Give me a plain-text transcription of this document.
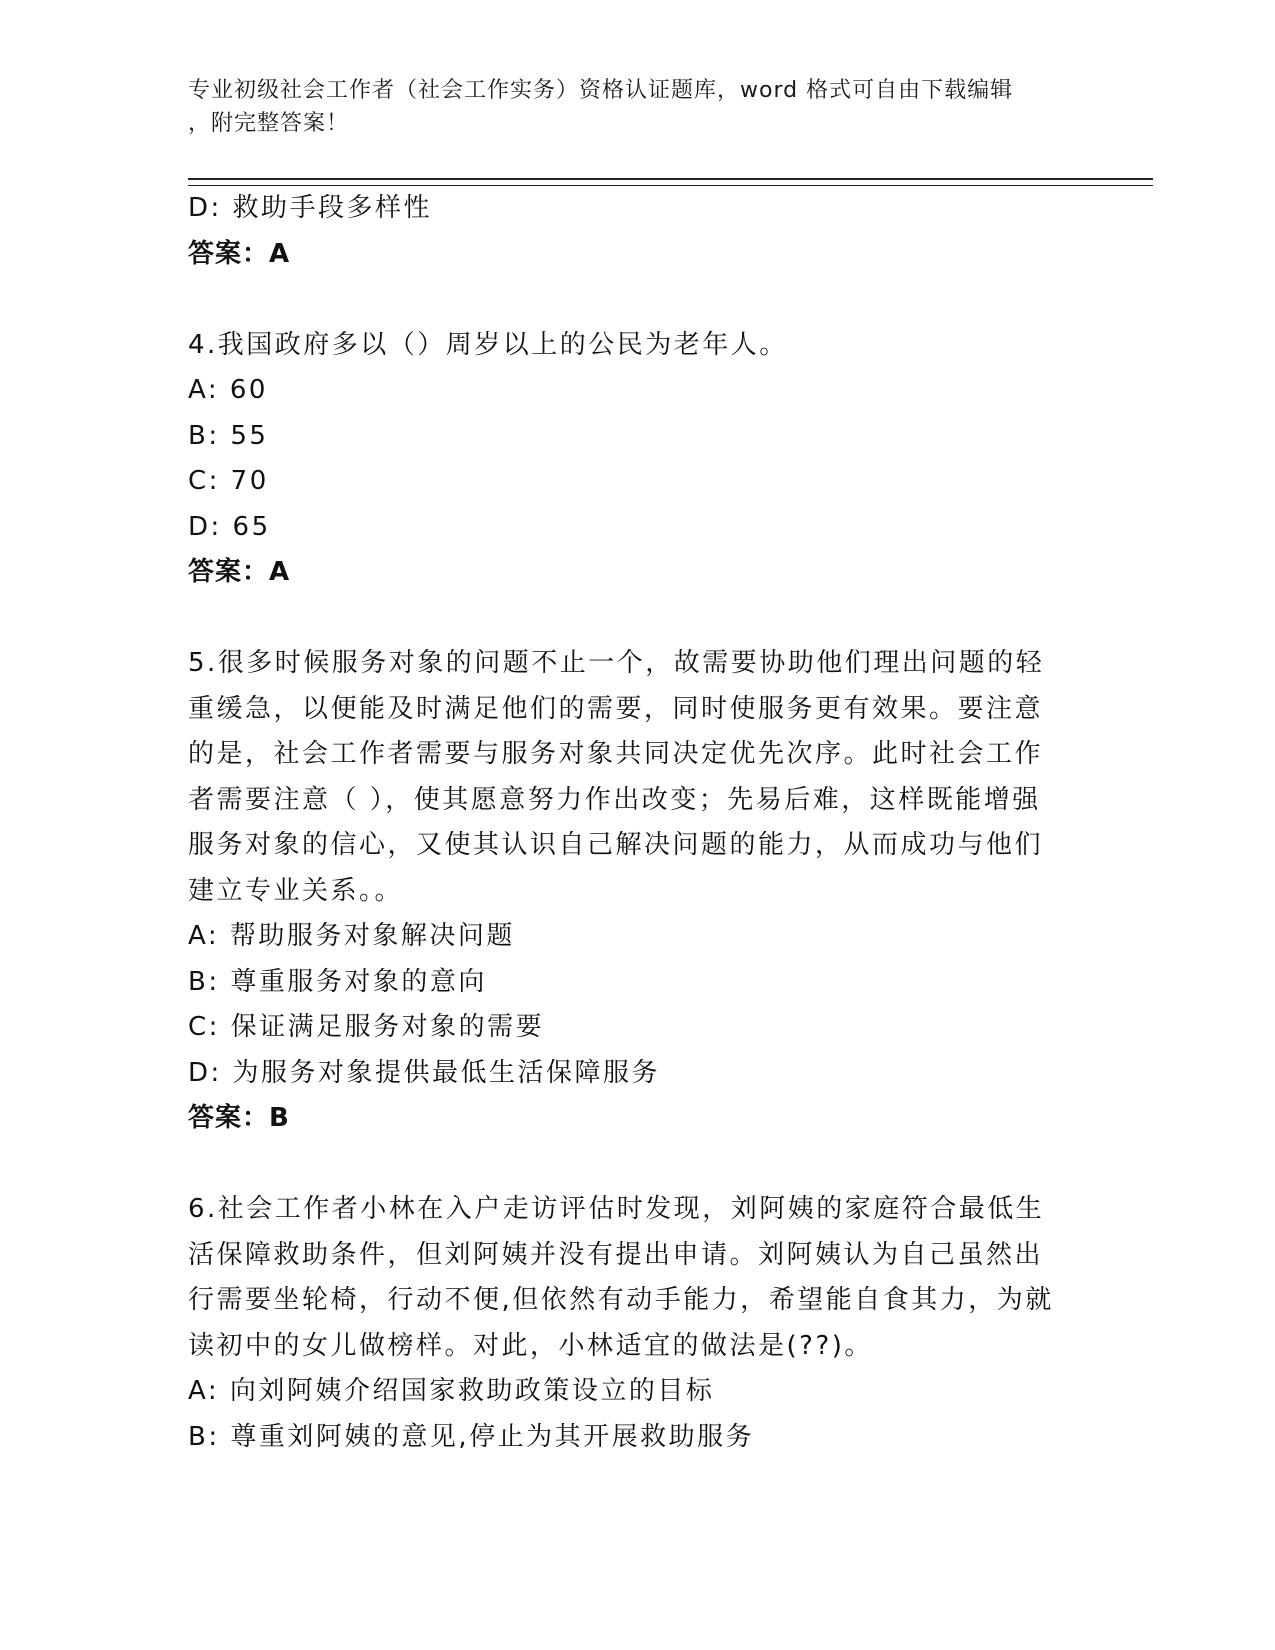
专业初级社会工作者（社会工作实务）资格认证题库，word 格式可自由下载编辑
，附完整答案！
D: 救助手段多样性
答案：A
4.我国政府多以（）周岁以上的公民为老年人。
A: 60
B: 55
C: 70
D: 65
答案：A
5.很多时候服务对象的问题不止一个，故需要协助他们理出问题的轻
重缓急，以便能及时满足他们的需要，同时使服务更有效果。要注意
的是，社会工作者需要与服务对象共同决定优先次序。此时社会工作
者需要注意（ ），使其愿意努力作出改变；先易后难，这样既能增强
服务对象的信心，又使其认识自己解决问题的能力，从而成功与他们
建立专业关系。。
A: 帮助服务对象解决问题
B: 尊重服务对象的意向
C: 保证满足服务对象的需要
D: 为服务对象提供最低生活保障服务
答案：B
6.社会工作者小林在入户走访评估时发现，刘阿姨的家庭符合最低生
活保障救助条件，但刘阿姨并没有提出申请。刘阿姨认为自己虽然出
行需要坐轮椅，行动不便,但依然有动手能力，希望能自食其力，为就
读初中的女儿做榜样。对此，小林适宜的做法是(??)。
A: 向刘阿姨介绍国家救助政策设立的目标
B: 尊重刘阿姨的意见,停止为其开展救助服务
